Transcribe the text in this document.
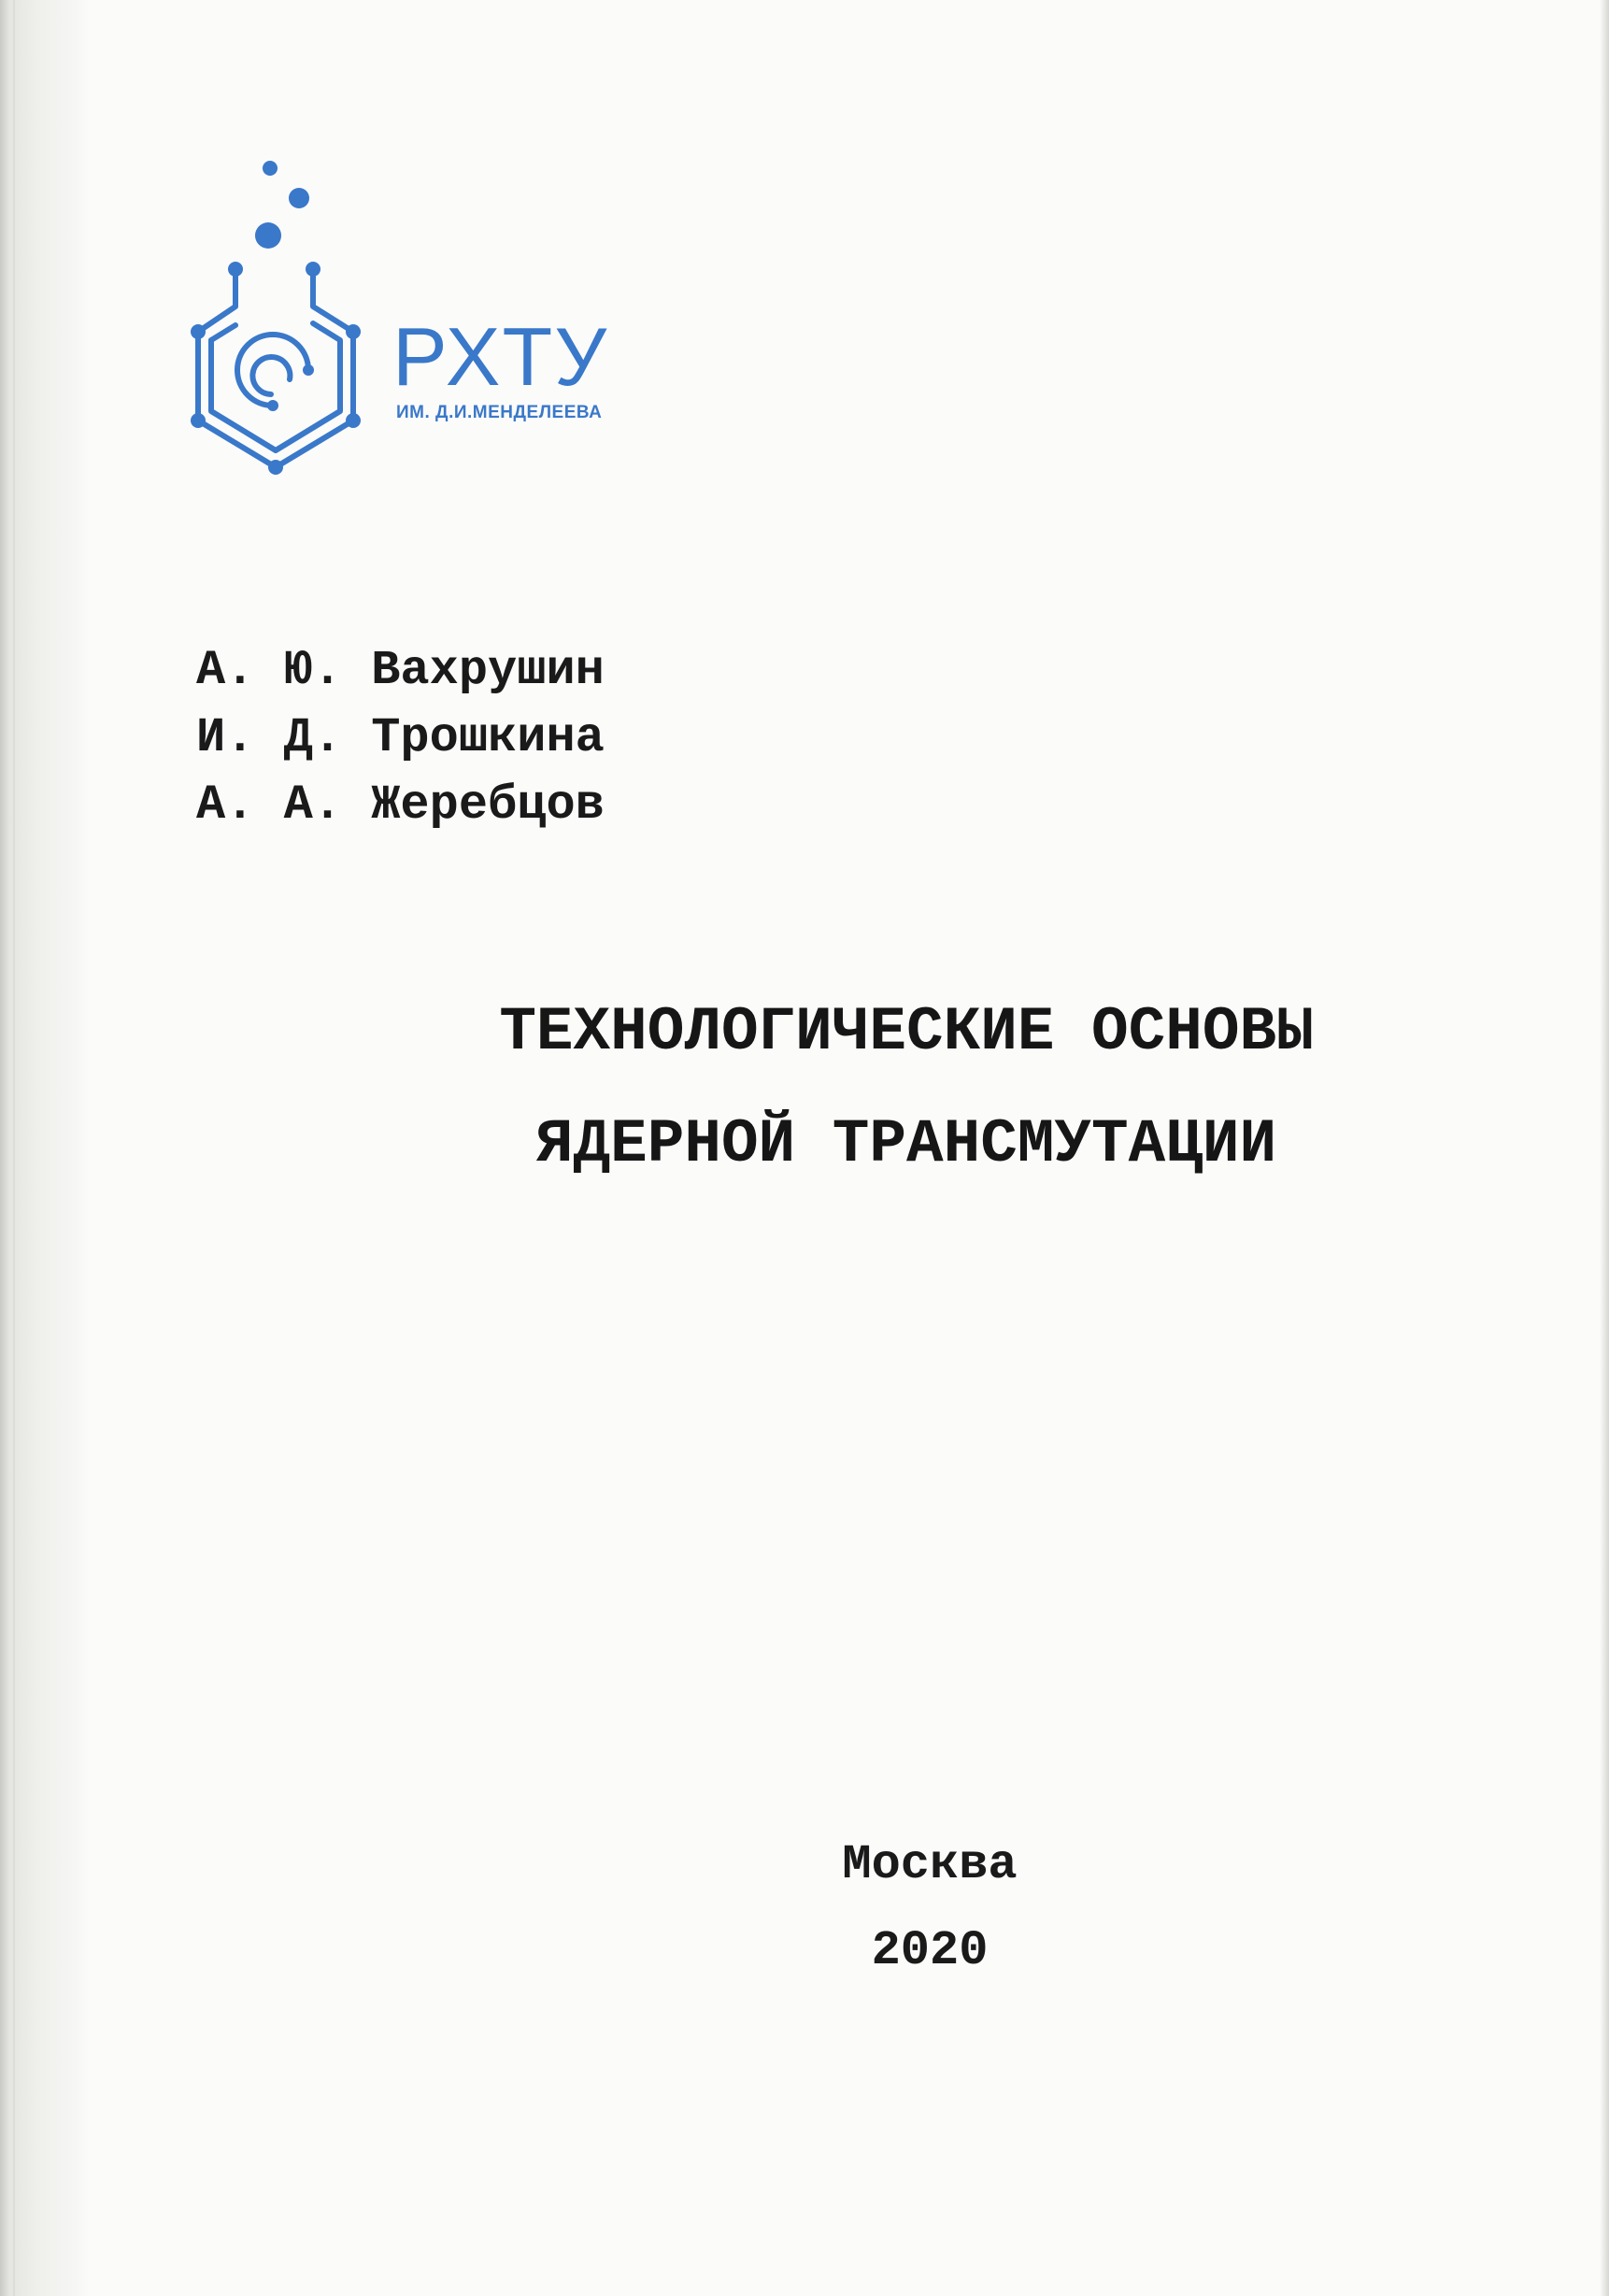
РХТУ
ИМ. Д.И.МЕНДЕЛЕЕВА
А. Ю. Вахрушин
И. Д. Трошкина
А. А. Жеребцов
ТЕХНОЛОГИЧЕСКИЕ ОСНОВЫ
ЯДЕРНОЙ ТРАНСМУТАЦИИ
Москва
2020
